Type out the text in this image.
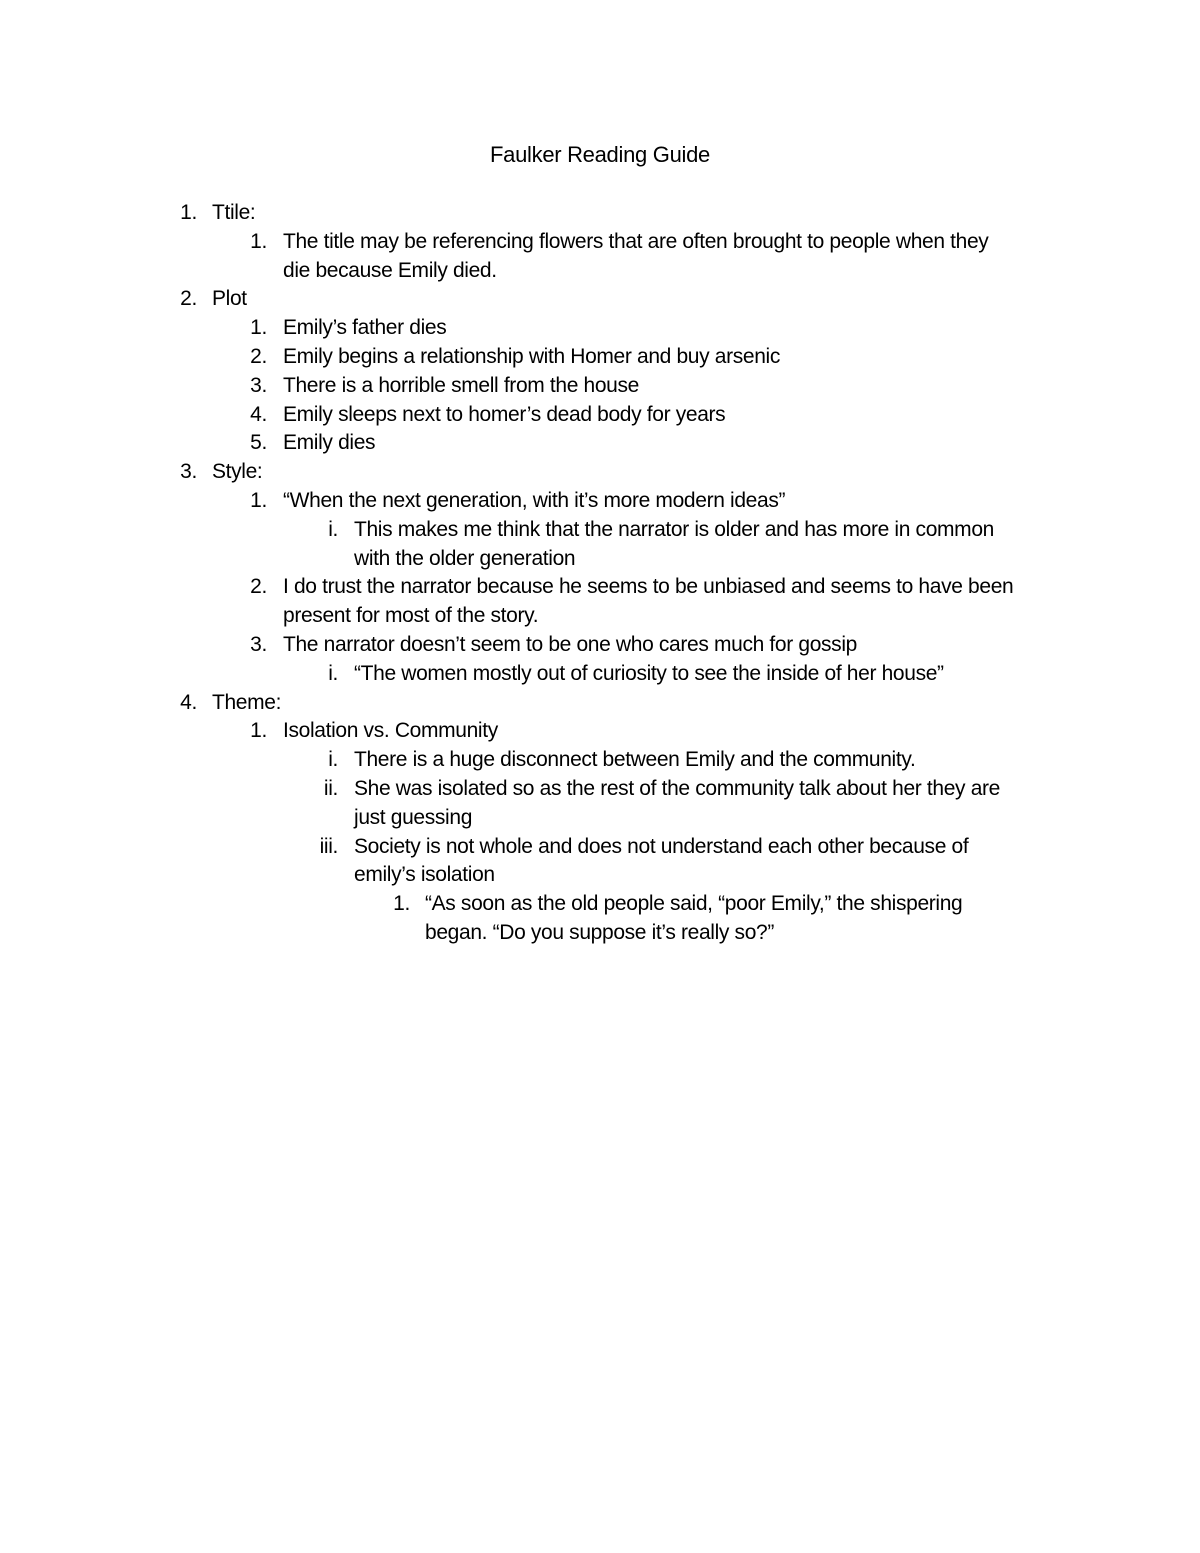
Faulker Reading Guide
1. Ttile:
1. The title may be referencing flowers that are often brought to people when they
die because Emily died.
2. Plot
1. Emily’s father dies
2. Emily begins a relationship with Homer and buy arsenic
3. There is a horrible smell from the house
4. Emily sleeps next to homer’s dead body for years
5. Emily dies
3. Style:
1. “When the next generation, with it’s more modern ideas”
i. This makes me think that the narrator is older and has more in common
with the older generation
2. I do trust the narrator because he seems to be unbiased and seems to have been
present for most of the story.
3. The narrator doesn’t seem to be one who cares much for gossip
i. “The women mostly out of curiosity to see the inside of her house”
4. Theme:
1. Isolation vs. Community
i. There is a huge disconnect between Emily and the community.
ii. She was isolated so as the rest of the community talk about her they are
just guessing
iii. Society is not whole and does not understand each other because of
emily’s isolation
1. “As soon as the old people said, “poor Emily,” the shispering
began. “Do you suppose it’s really so?”
